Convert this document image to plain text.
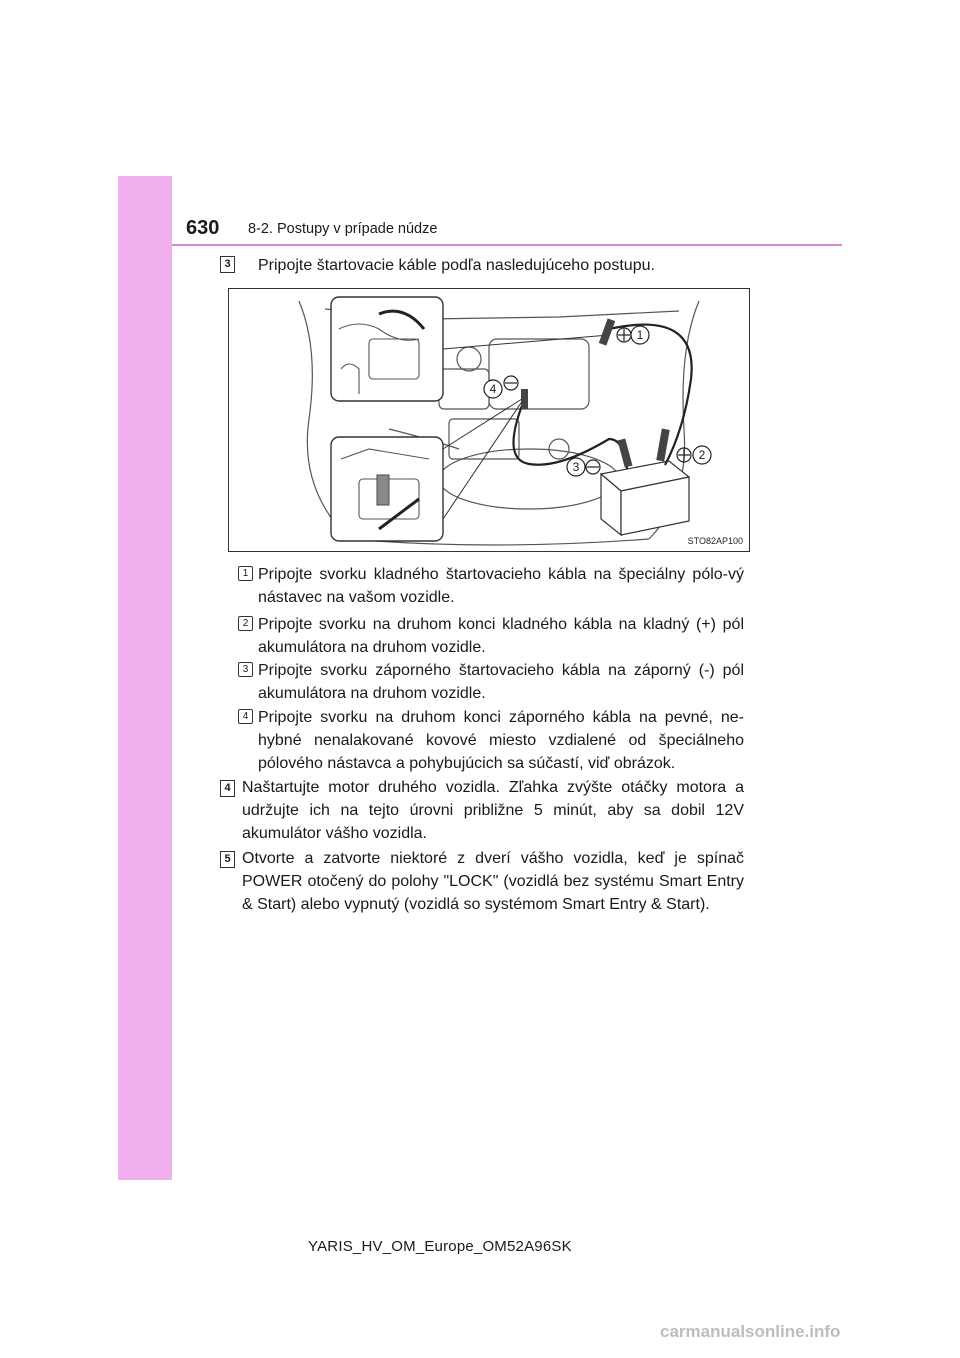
630 8-2. Postupy v prípade núdze
3 Pripojte štartovacie káble podľa nasledujúceho postupu.
1
2
3
4
STO82AP100
1 Pripojte svorku kladného štartovacieho kábla na špeciálny pólo-vý nástavec na vašom vozidle.
2 Pripojte svorku na druhom konci kladného kábla na kladný (+) pól akumulátora na druhom vozidle.
3 Pripojte svorku záporného štartovacieho kábla na záporný (-) pól akumulátora na druhom vozidle.
4 Pripojte svorku na druhom konci záporného kábla na pevné, ne-hybné nenalakované kovové miesto vzdialené od špeciálneho pólového nástavca a pohybujúcich sa súčastí, viď obrázok.
4 Naštartujte motor druhého vozidla. Zľahka zvýšte otáčky motora a udržujte ich na tejto úrovni približne 5 minút, aby sa dobil 12V akumulátor vášho vozidla.
5 Otvorte a zatvorte niektoré z dverí vášho vozidla, keď je spínač POWER otočený do polohy "LOCK" (vozidlá bez systému Smart Entry & Start) alebo vypnutý (vozidlá so systémom Smart Entry & Start).
YARIS_HV_OM_Europe_OM52A96SK
carmanualsonline.info
